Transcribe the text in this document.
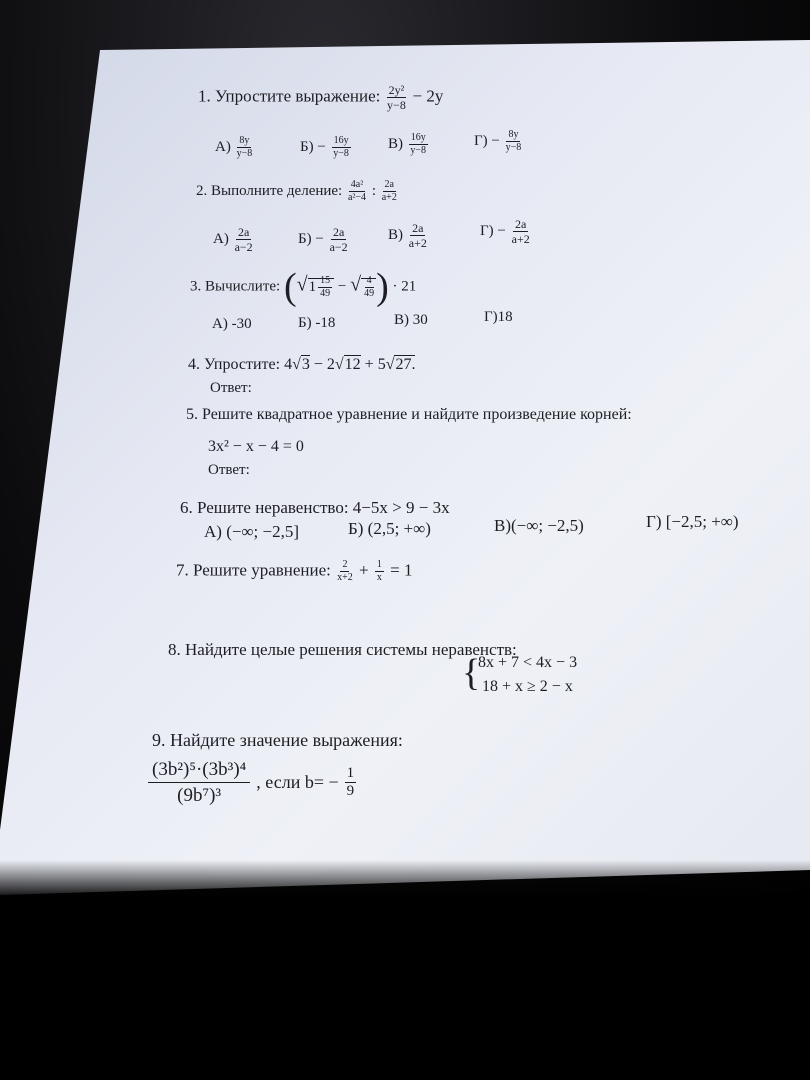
1. Упростите выражение: $\frac{\text{2y²}}{y-8} - 2y$
$А) \frac{8y}{y-8}$	$Б) - \frac{16y}{y-8} В) \frac{16y}{y-8}$	$Г) - \frac{8y}{y-8}$
2. Выполните деление: $\frac{\text{4a²}}{\text{a²−4}}$ : $\frac{2a}{a+2}$
$А) \frac{2a}{a-2}$	$Б) - \frac{2a}{a-2}$	$В) \frac{2a}{a+2}$	$Г) - \frac{2a}{a+2}$
3. Вычислите: ($√1 \frac{15}{49}$ − √ $\frac{4}{49}$ ) · 21
А) -30	Б) -18	В) 30	Г)18
4. Упростите: 4√3 − 2√12 + 5√27.
Ответ:
5. Решите квадратное уравнение и найдите произведение корней:
3x² − x − 4 = 0
Ответ:
6. Решите неравенство: 4−5x > 9 − 3x
А) (−∞; −2,5]	Б) (2,5; +∞)	В)(−∞; −2,5)	Г) [−2,5; +∞)
7. Решите уравнение: $\frac{2}{x+2} + \frac{1}{x} = 1$
8. Найдите целые решения системы неравенств:
{
8x + 7 < 4x − 3
18 + x ≥ 2 − x
9. Найдите значение выражения:
$\frac{\text{(3b²)⁵·(3b³)⁴}}{\text{(9b⁷)³}}$ , если $b= - \frac{1}{9}$
